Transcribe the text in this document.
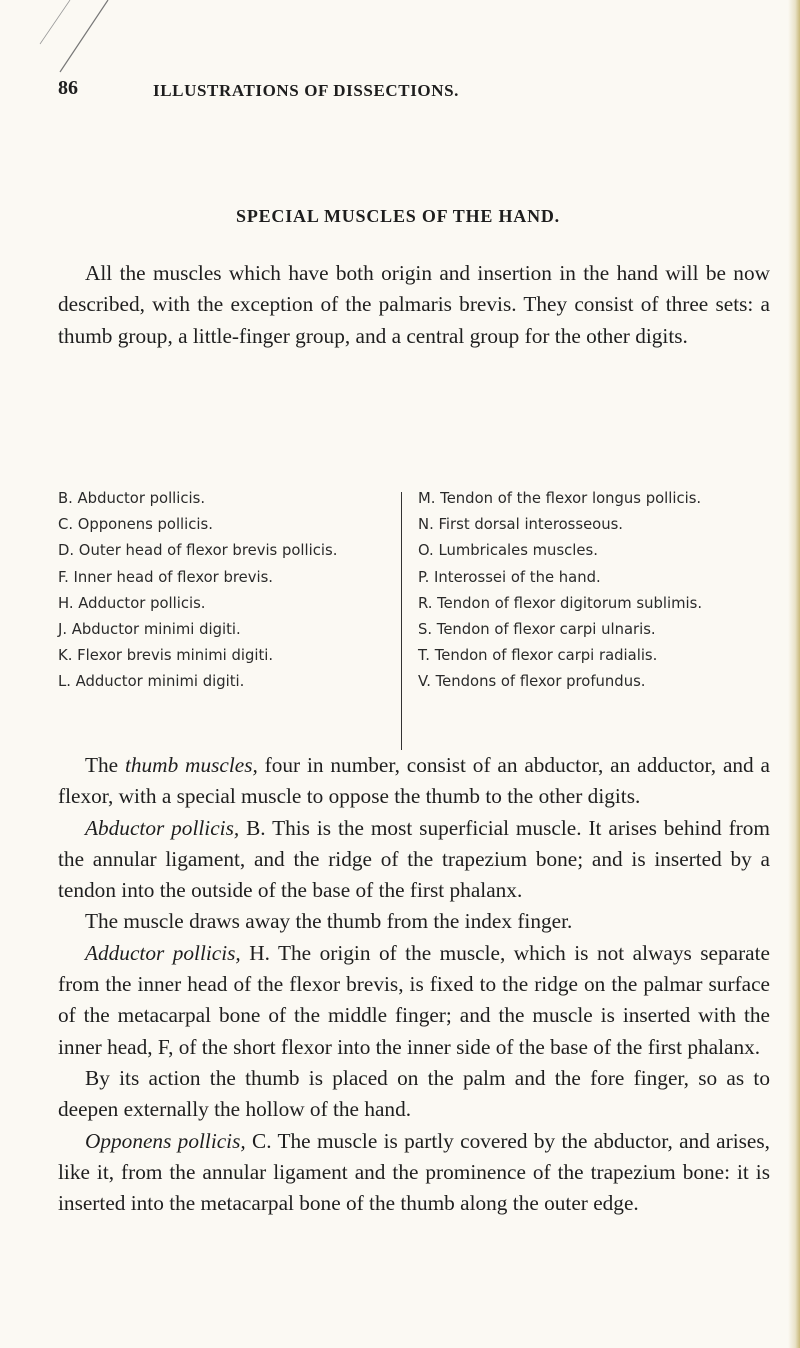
86	ILLUSTRATIONS OF DISSECTIONS.
SPECIAL MUSCLES OF THE HAND.

All the muscles which have both origin and insertion in the hand will be now described, with the exception of the palmaris brevis. They consist of three sets: a thumb group, a little-finger group, and a central group for the other digits.

B. Abductor pollicis.
C. Opponens pollicis.
D. Outer head of flexor brevis pollicis.
F. Inner head of flexor brevis.
H. Adductor pollicis.
J. Abductor minimi digiti.
K. Flexor brevis minimi digiti.
L. Adductor minimi digiti.
M. Tendon of the flexor longus pollicis.
N. First dorsal interosseous.
O. Lumbricales muscles.
P. Interossei of the hand.
R. Tendon of flexor digitorum sublimis.
S. Tendon of flexor carpi ulnaris.
T. Tendon of flexor carpi radialis.
V. Tendons of flexor profundus.

The thumb muscles, four in number, consist of an abductor, an adductor, and a flexor, with a special muscle to oppose the thumb to the other digits.

Abductor pollicis, B. This is the most superficial muscle. It arises behind from the annular ligament, and the ridge of the trapezium bone; and is inserted by a tendon into the outside of the base of the first phalanx.

The muscle draws away the thumb from the index finger.

Adductor pollicis, H. The origin of the muscle, which is not always separate from the inner head of the flexor brevis, is fixed to the ridge on the palmar surface of the metacarpal bone of the middle finger; and the muscle is inserted with the inner head, F, of the short flexor into the inner side of the base of the first phalanx.

By its action the thumb is placed on the palm and the fore finger, so as to deepen externally the hollow of the hand.

Opponens pollicis, C. The muscle is partly covered by the abductor, and arises, like it, from the annular ligament and the prominence of the trapezium bone: it is inserted into the metacarpal bone of the thumb along the outer edge.
